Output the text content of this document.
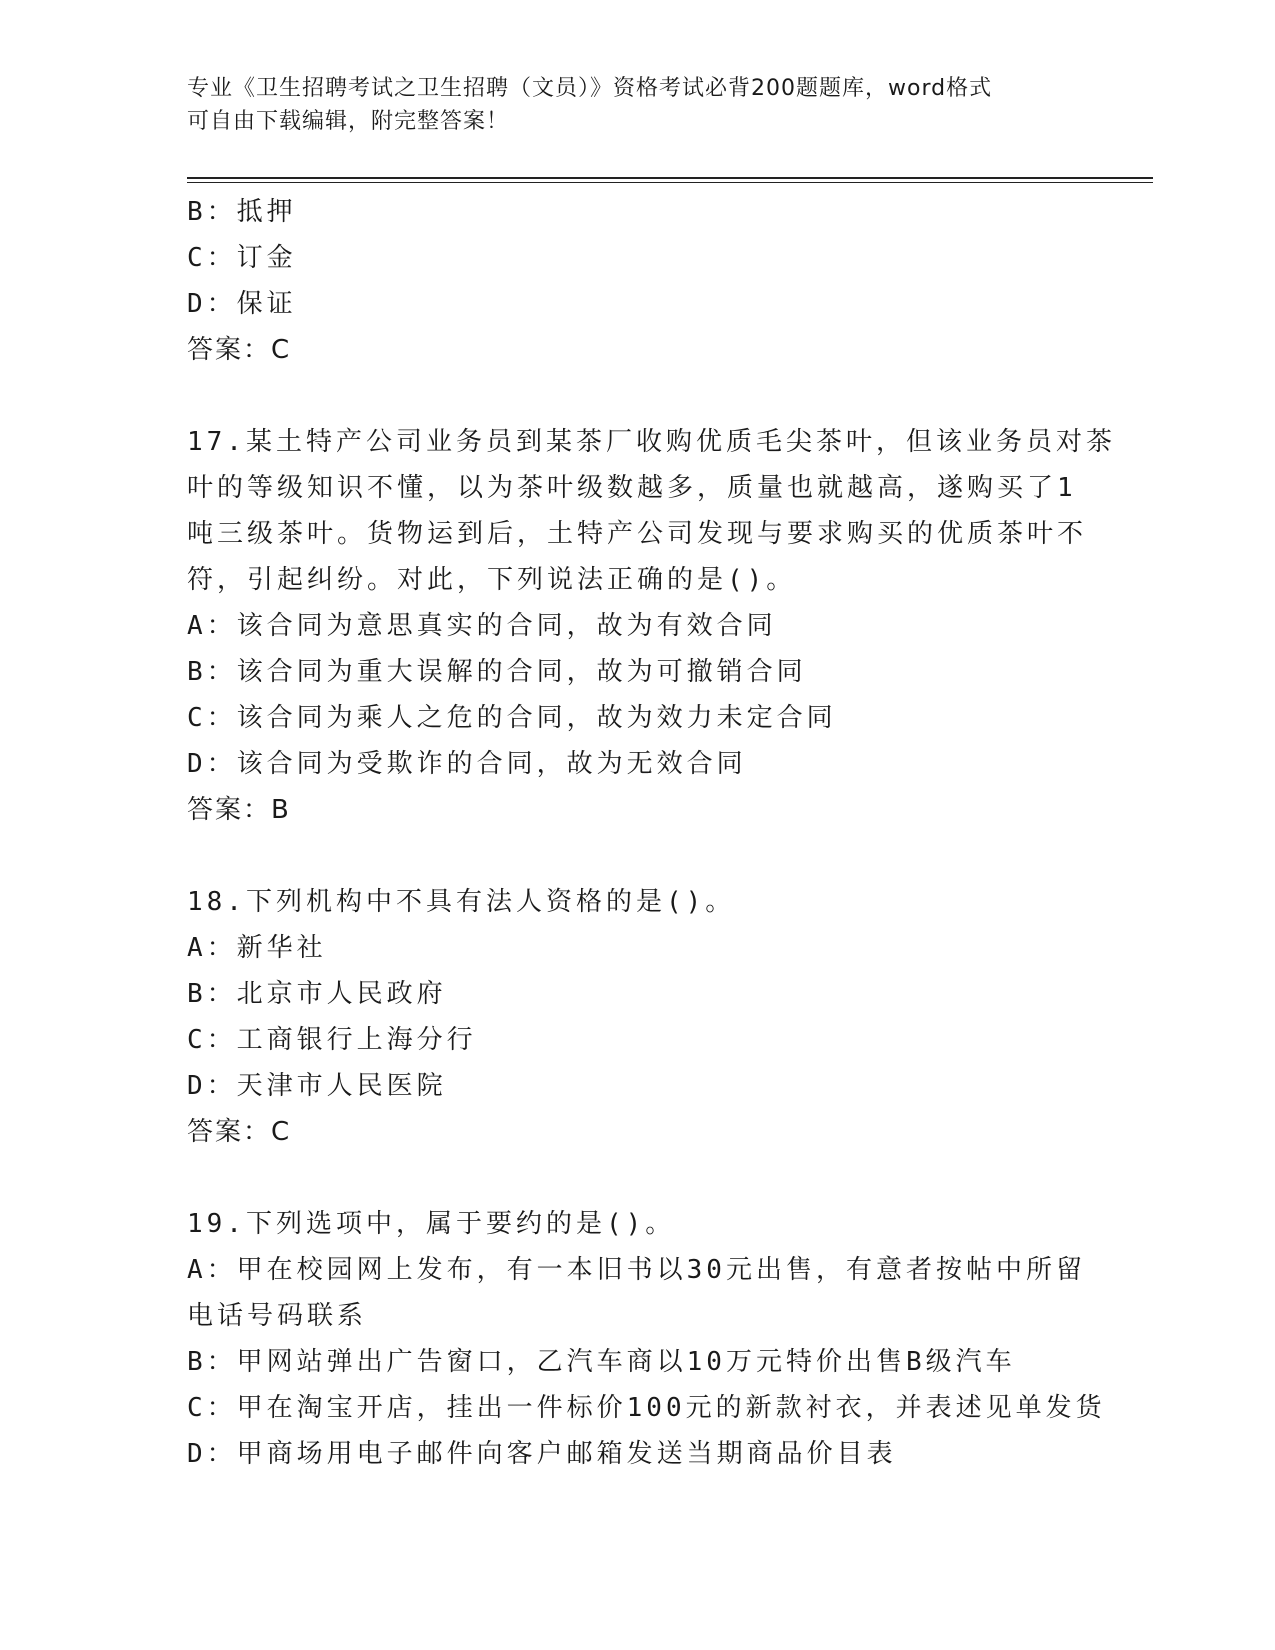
专业《卫生招聘考试之卫生招聘（文员）》资格考试必背200题题库，word格式
可自由下载编辑，附完整答案！
B：抵押
C：订金
D：保证
答案：C
17.某土特产公司业务员到某茶厂收购优质毛尖茶叶，但该业务员对茶
叶的等级知识不懂，以为茶叶级数越多，质量也就越高，遂购买了1
吨三级茶叶。货物运到后，土特产公司发现与要求购买的优质茶叶不
符，引起纠纷。对此，下列说法正确的是()。
A：该合同为意思真实的合同，故为有效合同
B：该合同为重大误解的合同，故为可撤销合同
C：该合同为乘人之危的合同，故为效力未定合同
D：该合同为受欺诈的合同，故为无效合同
答案：B
18.下列机构中不具有法人资格的是()。
A：新华社
B：北京市人民政府
C：工商银行上海分行
D：天津市人民医院
答案：C
19.下列选项中，属于要约的是()。
A：甲在校园网上发布，有一本旧书以30元出售，有意者按帖中所留
电话号码联系
B：甲网站弹出广告窗口，乙汽车商以10万元特价出售B级汽车
C：甲在淘宝开店，挂出一件标价100元的新款衬衣，并表述见单发货
D：甲商场用电子邮件向客户邮箱发送当期商品价目表
